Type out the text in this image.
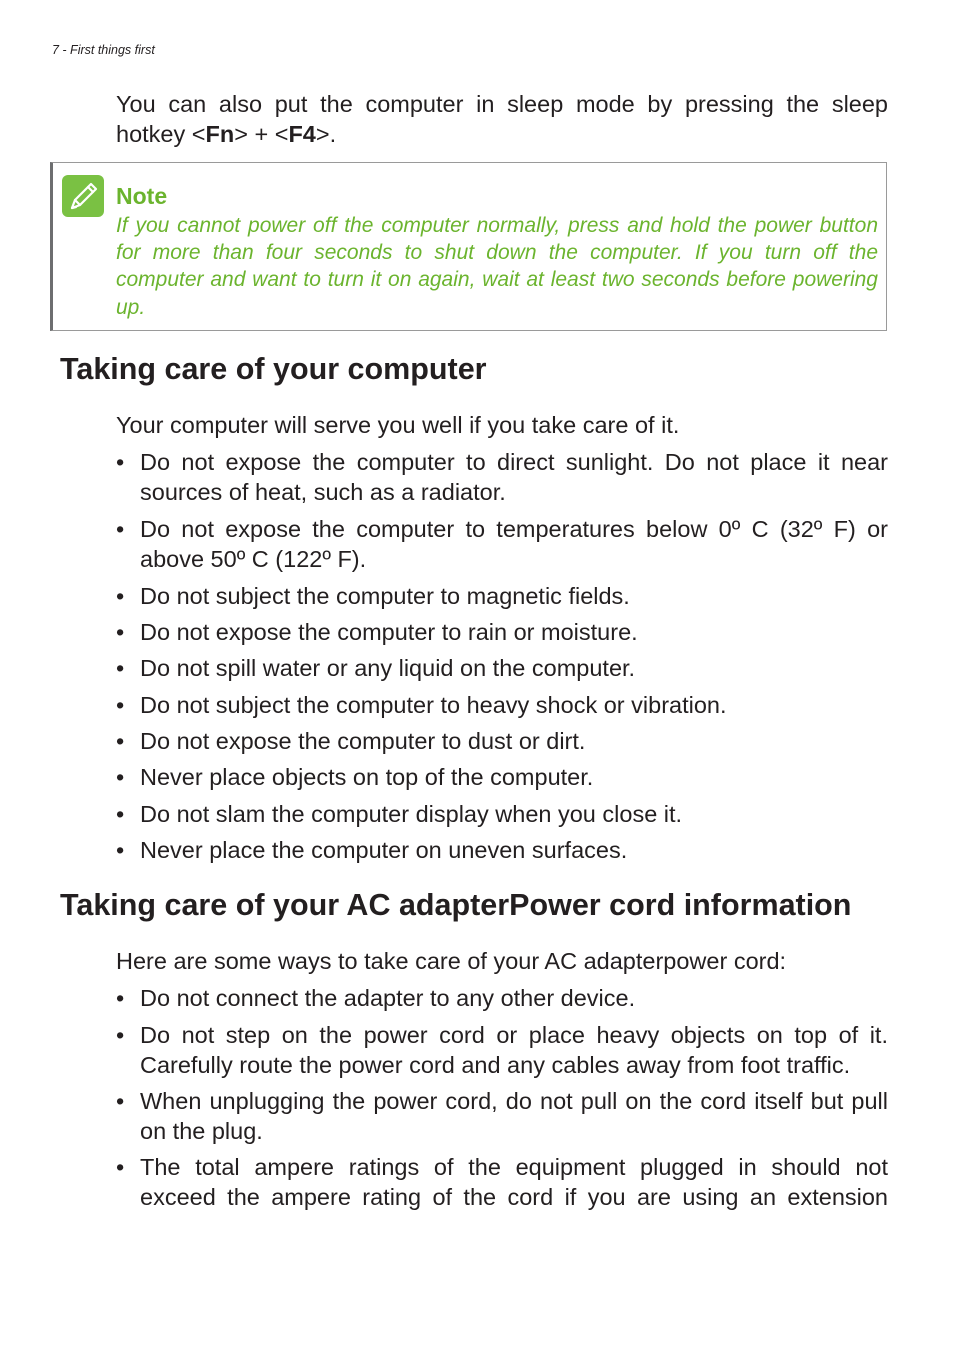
7 - First things first

You can also put the computer in sleep mode by pressing the sleep hotkey <Fn> + <F4>.

Note

If you cannot power off the computer normally, press and hold the power button for more than four seconds to shut down the computer. If you turn off the computer and want to turn it on again, wait at least two seconds before powering up.

Taking care of your computer

Your computer will serve you well if you take care of it.

• Do not expose the computer to direct sunlight. Do not place it near sources of heat, such as a radiator.
• Do not expose the computer to temperatures below 0º C (32º F) or above 50º C (122º F).
• Do not subject the computer to magnetic fields.
• Do not expose the computer to rain or moisture.
• Do not spill water or any liquid on the computer.
• Do not subject the computer to heavy shock or vibration.
• Do not expose the computer to dust or dirt.
• Never place objects on top of the computer.
• Do not slam the computer display when you close it.
• Never place the computer on uneven surfaces.
Taking care of your AC adapterPower cord information

Here are some ways to take care of your AC adapterpower cord:

• Do not connect the adapter to any other device.
• Do not step on the power cord or place heavy objects on top of it. Carefully route the power cord and any cables away from foot traffic.
• When unplugging the power cord, do not pull on the cord itself but pull on the plug.
• The total ampere ratings of the equipment plugged in should not exceed the ampere rating of the cord if you are using an extension
